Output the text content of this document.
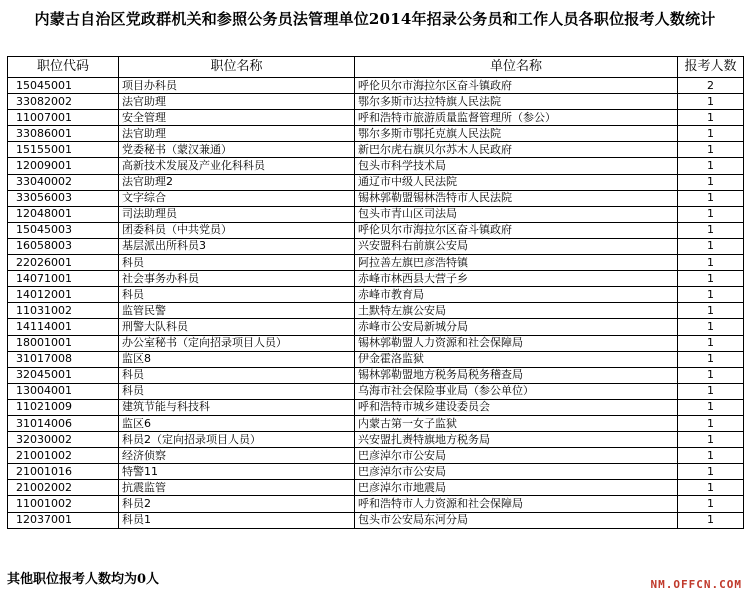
内蒙古自治区党政群机关和参照公务员法管理单位2014年招录公务员和工作人员各职位报考人数统计
职位代码	职位名称	单位名称	报考人数
15045001	项目办科员	呼伦贝尔市海拉尔区奋斗镇政府	2
33082002	法官助理	鄂尔多斯市达拉特旗人民法院	1
11007001	安全管理	呼和浩特市旅游质量监督管理所（参公）	1
33086001	法官助理	鄂尔多斯市鄂托克旗人民法院	1
15155001	党委秘书（蒙汉兼通）	新巴尔虎右旗贝尔苏木人民政府	1
12009001	高新技术发展及产业化科科员	包头市科学技术局	1
33040002	法官助理2	通辽市中级人民法院	1
33056003	文字综合	锡林郭勒盟锡林浩特市人民法院	1
12048001	司法助理员	包头市青山区司法局	1
15045003	团委科员（中共党员）	呼伦贝尔市海拉尔区奋斗镇政府	1
16058003	基层派出所科员3	兴安盟科右前旗公安局	1
22026001	科员	阿拉善左旗巴彦浩特镇	1
14071001	社会事务办科员	赤峰市林西县大营子乡	1
14012001	科员	赤峰市教育局	1
11031002	监管民警	土默特左旗公安局	1
14114001	刑警大队科员	赤峰市公安局新城分局	1
18001001	办公室秘书（定向招录项目人员）	锡林郭勒盟人力资源和社会保障局	1
31017008	监区8	伊金霍洛监狱	1
32045001	科员	锡林郭勒盟地方税务局税务稽查局	1
13004001	科员	乌海市社会保险事业局（参公单位）	1
11021009	建筑节能与科技科	呼和浩特市城乡建设委员会	1
31014006	监区6	内蒙古第一女子监狱	1
32030002	科员2（定向招录项目人员）	兴安盟扎赉特旗地方税务局	1
21001002	经济侦察	巴彦淖尔市公安局	1
21001016	特警11	巴彦淖尔市公安局	1
21002002	抗震监管	巴彦淖尔市地震局	1
11001002	科员2	呼和浩特市人力资源和社会保障局	1
12037001	科员1	包头市公安局东河分局	1
其他职位报考人数均为0人	NM.OFFCN.COM
